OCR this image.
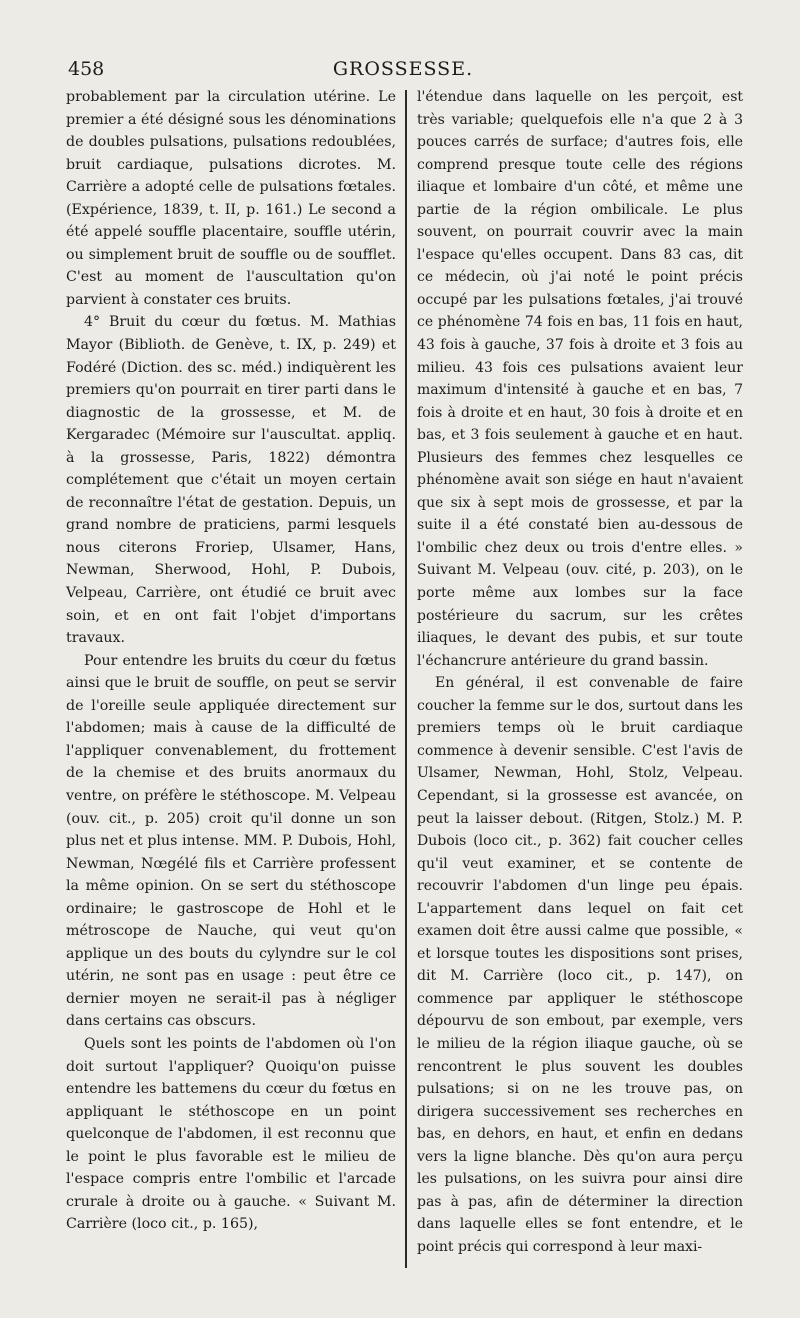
458	GROSSESSE.

probablement par la circulation utérine. Le premier a été désigné sous les dénominations de doubles pulsations, pulsations redoublées, bruit cardiaque, pulsations dicrotes. M. Carrière a adopté celle de pulsations fœtales. (Expérience, 1839, t. II, p. 161.) Le second a été appelé souffle placentaire, souffle utérin, ou simplement bruit de souffle ou de soufflet. C'est au moment de l'auscultation qu'on parvient à constater ces bruits.

4° Bruit du cœur du fœtus. M. Mathias Mayor (Biblioth. de Genève, t. IX, p. 249) et Fodéré (Diction. des sc. méd.) indiquèrent les premiers qu'on pourrait en tirer parti dans le diagnostic de la grossesse, et M. de Kergaradec (Mémoire sur l'auscultat. appliq. à la grossesse, Paris, 1822) démontra complétement que c'était un moyen certain de reconnaître l'état de gestation. Depuis, un grand nombre de praticiens, parmi lesquels nous citerons Froriep, Ulsamer, Hans, Newman, Sherwood, Hohl, P. Dubois, Velpeau, Carrière, ont étudié ce bruit avec soin, et en ont fait l'objet d'importans travaux.

Pour entendre les bruits du cœur du fœtus ainsi que le bruit de souffle, on peut se servir de l'oreille seule appliquée directement sur l'abdomen; mais à cause de la difficulté de l'appliquer convenablement, du frottement de la chemise et des bruits anormaux du ventre, on préfère le stéthoscope. M. Velpeau (ouv. cit., p. 205) croit qu'il donne un son plus net et plus intense. MM. P. Dubois, Hohl, Newman, Nœgélé fils et Carrière professent la même opinion. On se sert du stéthoscope ordinaire; le gastroscope de Hohl et le métroscope de Nauche, qui veut qu'on applique un des bouts du cylyndre sur le col utérin, ne sont pas en usage : peut être ce dernier moyen ne serait-il pas à négliger dans certains cas obscurs.

Quels sont les points de l'abdomen où l'on doit surtout l'appliquer? Quoiqu'on puisse entendre les battemens du cœur du fœtus en appliquant le stéthoscope en un point quelconque de l'abdomen, il est reconnu que le point le plus favorable est le milieu de l'espace compris entre l'ombilic et l'arcade crurale à droite ou à gauche. « Suivant M. Carrière (loco cit., p. 165),

l'étendue dans laquelle on les perçoit, est très variable; quelquefois elle n'a que 2 à 3 pouces carrés de surface; d'autres fois, elle comprend presque toute celle des régions iliaque et lombaire d'un côté, et même une partie de la région ombilicale. Le plus souvent, on pourrait couvrir avec la main l'espace qu'elles occupent. Dans 83 cas, dit ce médecin, où j'ai noté le point précis occupé par les pulsations fœtales, j'ai trouvé ce phénomène 74 fois en bas, 11 fois en haut, 43 fois à gauche, 37 fois à droite et 3 fois au milieu. 43 fois ces pulsations avaient leur maximum d'intensité à gauche et en bas, 7 fois à droite et en haut, 30 fois à droite et en bas, et 3 fois seulement à gauche et en haut. Plusieurs des femmes chez lesquelles ce phénomène avait son siége en haut n'avaient que six à sept mois de grossesse, et par la suite il a été constaté bien au-dessous de l'ombilic chez deux ou trois d'entre elles. » Suivant M. Velpeau (ouv. cité, p. 203), on le porte même aux lombes sur la face postérieure du sacrum, sur les crêtes iliaques, le devant des pubis, et sur toute l'échancrure antérieure du grand bassin.

En général, il est convenable de faire coucher la femme sur le dos, surtout dans les premiers temps où le bruit cardiaque commence à devenir sensible. C'est l'avis de Ulsamer, Newman, Hohl, Stolz, Velpeau. Cependant, si la grossesse est avancée, on peut la laisser debout. (Ritgen, Stolz.) M. P. Dubois (loco cit., p. 362) fait coucher celles qu'il veut examiner, et se contente de recouvrir l'abdomen d'un linge peu épais. L'appartement dans lequel on fait cet examen doit être aussi calme que possible, « et lorsque toutes les dispositions sont prises, dit M. Carrière (loco cit., p. 147), on commence par appliquer le stéthoscope dépourvu de son embout, par exemple, vers le milieu de la région iliaque gauche, où se rencontrent le plus souvent les doubles pulsations; si on ne les trouve pas, on dirigera successivement ses recherches en bas, en dehors, en haut, et enfin en dedans vers la ligne blanche. Dès qu'on aura perçu les pulsations, on les suivra pour ainsi dire pas à pas, afin de déterminer la direction dans laquelle elles se font entendre, et le point précis qui correspond à leur maxi-
